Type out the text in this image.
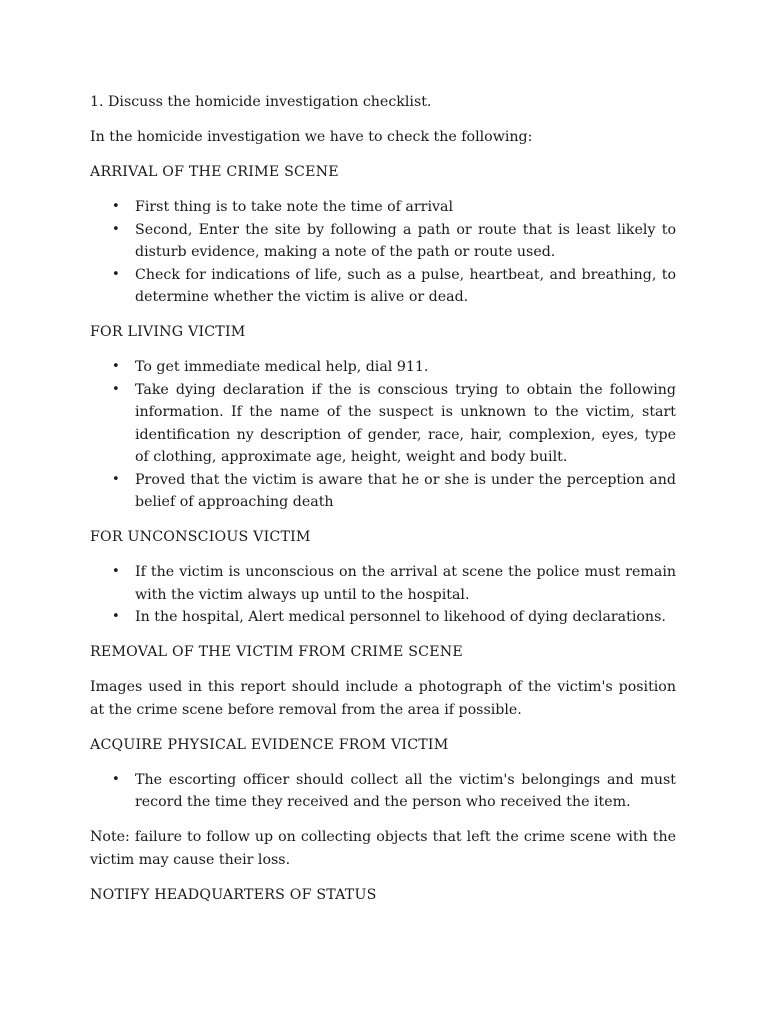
1. Discuss the homicide investigation checklist.

In the homicide investigation we have to check the following:

ARRIVAL OF THE CRIME SCENE
• First thing is to take note the time of arrival
• Second, Enter the site by following a path or route that is least likely to disturb evidence, making a note of the path or route used.
• Check for indications of life, such as a pulse, heartbeat, and breathing, to determine whether the victim is alive or dead.
FOR LIVING VICTIM
• To get immediate medical help, dial 911.
• Take dying declaration if the is conscious trying to obtain the following information. If the name of the suspect is unknown to the victim, start identification ny description of gender, race, hair, complexion, eyes, type of clothing, approximate age, height, weight and body built.
• Proved that the victim is aware that he or she is under the perception and belief of approaching death
FOR UNCONSCIOUS VICTIM
• If the victim is unconscious on the arrival at scene the police must remain with the victim always up until to the hospital.
• In the hospital, Alert medical personnel to likehood of dying declarations.
REMOVAL OF THE VICTIM FROM CRIME SCENE

Images used in this report should include a photograph of the victim's position at the crime scene before removal from the area if possible.

ACQUIRE PHYSICAL EVIDENCE FROM VICTIM
• The escorting officer should collect all the victim's belongings and must record the time they received and the person who received the item.

Note: failure to follow up on collecting objects that left the crime scene with the victim may cause their loss.

NOTIFY HEADQUARTERS OF STATUS
